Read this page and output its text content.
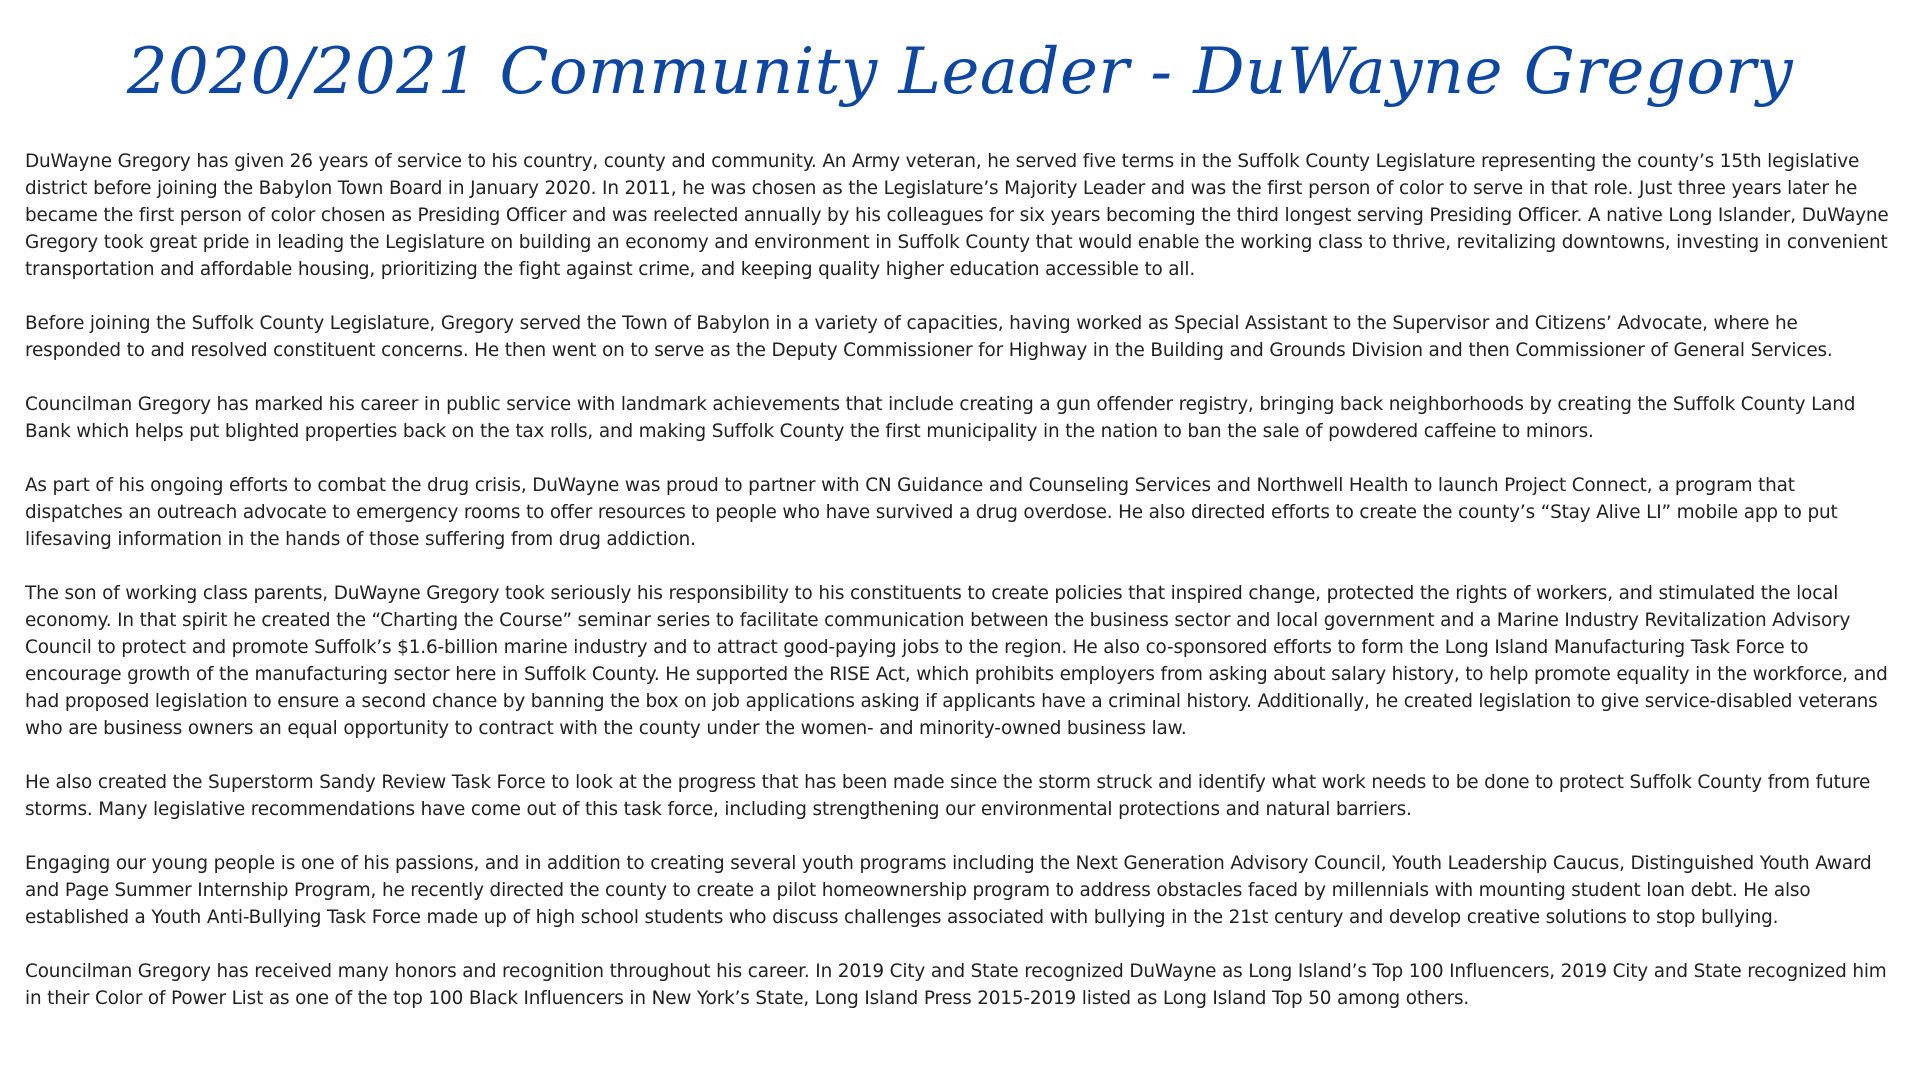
2020/2021 Community Leader - DuWayne Gregory

DuWayne Gregory has given 26 years of service to his country, county and community. An Army veteran, he served five terms in the Suffolk County Legislature representing the county’s 15th legislative district before joining the Babylon Town Board in January 2020. In 2011, he was chosen as the Legislature’s Majority Leader and was the first person of color to serve in that role. Just three years later he became the first person of color chosen as Presiding Officer and was reelected annually by his colleagues for six years becoming the third longest serving Presiding Officer. A native Long Islander, DuWayne Gregory took great pride in leading the Legislature on building an economy and environment in Suffolk County that would enable the working class to thrive, revitalizing downtowns, investing in convenient transportation and affordable housing, prioritizing the fight against crime, and keeping quality higher education accessible to all.

Before joining the Suffolk County Legislature, Gregory served the Town of Babylon in a variety of capacities, having worked as Special Assistant to the Supervisor and Citizens’ Advocate, where he responded to and resolved constituent concerns. He then went on to serve as the Deputy Commissioner for Highway in the Building and Grounds Division and then Commissioner of General Services.

Councilman Gregory has marked his career in public service with landmark achievements that include creating a gun offender registry, bringing back neighborhoods by creating the Suffolk County Land Bank which helps put blighted properties back on the tax rolls, and making Suffolk County the first municipality in the nation to ban the sale of powdered caffeine to minors.

As part of his ongoing efforts to combat the drug crisis, DuWayne was proud to partner with CN Guidance and Counseling Services and Northwell Health to launch Project Connect, a program that dispatches an outreach advocate to emergency rooms to offer resources to people who have survived a drug overdose. He also directed efforts to create the county’s “Stay Alive LI” mobile app to put lifesaving information in the hands of those suffering from drug addiction.

The son of working class parents, DuWayne Gregory took seriously his responsibility to his constituents to create policies that inspired change, protected the rights of workers, and stimulated the local economy. In that spirit he created the “Charting the Course” seminar series to facilitate communication between the business sector and local government and a Marine Industry Revitalization Advisory Council to protect and promote Suffolk’s $1.6-billion marine industry and to attract good-paying jobs to the region. He also co-sponsored efforts to form the Long Island Manufacturing Task Force to encourage growth of the manufacturing sector here in Suffolk County. He supported the RISE Act, which prohibits employers from asking about salary history, to help promote equality in the workforce, and had proposed legislation to ensure a second chance by banning the box on job applications asking if applicants have a criminal history. Additionally, he created legislation to give service-disabled veterans who are business owners an equal opportunity to contract with the county under the women- and minority-owned business law.

He also created the Superstorm Sandy Review Task Force to look at the progress that has been made since the storm struck and identify what work needs to be done to protect Suffolk County from future storms. Many legislative recommendations have come out of this task force, including strengthening our environmental protections and natural barriers.

Engaging our young people is one of his passions, and in addition to creating several youth programs including the Next Generation Advisory Council, Youth Leadership Caucus, Distinguished Youth Award and Page Summer Internship Program, he recently directed the county to create a pilot homeownership program to address obstacles faced by millennials with mounting student loan debt. He also established a Youth Anti-Bullying Task Force made up of high school students who discuss challenges associated with bullying in the 21st century and develop creative solutions to stop bullying.

Councilman Gregory has received many honors and recognition throughout his career. In 2019 City and State recognized DuWayne as Long Island’s Top 100 Influencers, 2019 City and State recognized him in their Color of Power List as one of the top 100 Black Influencers in New York’s State, Long Island Press 2015-2019 listed as Long Island Top 50 among others.
